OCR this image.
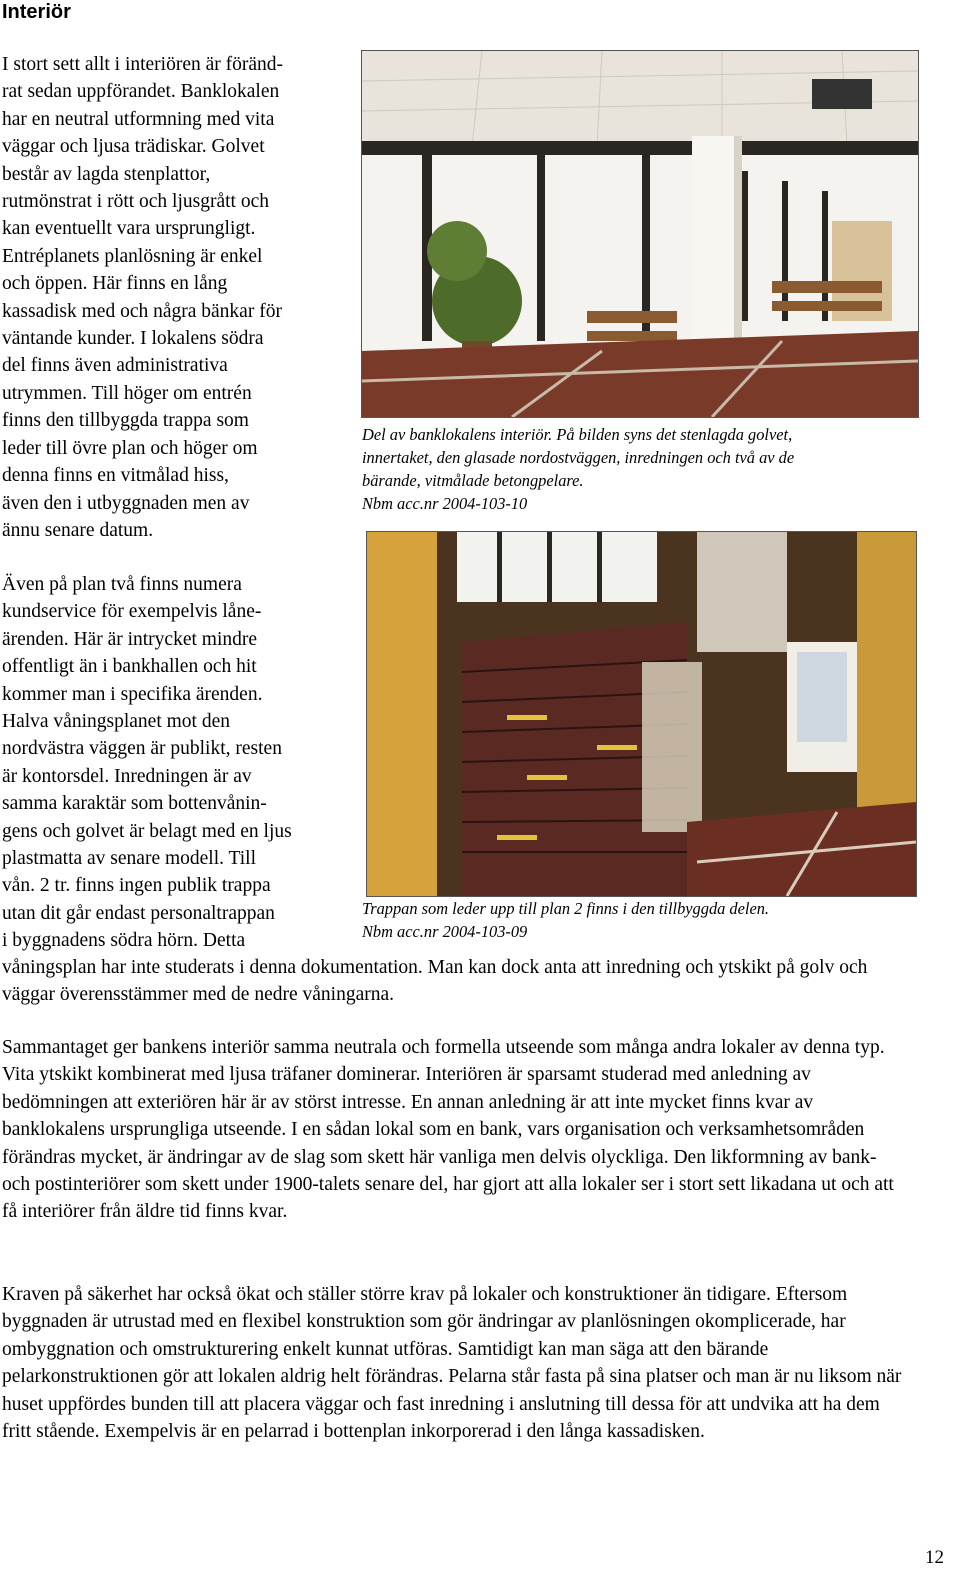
Interiör
I stort sett allt i interiören är föränd-
rat sedan uppförandet. Banklokalen
har en neutral utformning med vita
väggar och ljusa trädiskar. Golvet
består av lagda stenplattor,
rutmönstrat i rött och ljusgrått och
kan eventuellt vara ursprungligt.
Entréplanets planlösning är enkel
och öppen. Här finns en lång
kassadisk med och några bänkar för
väntande kunder. I lokalens södra
del finns även administrativa
utrymmen. Till höger om entrén
finns den tillbyggda trappa som
leder till övre plan och höger om
denna finns en vitmålad hiss,
även den i utbyggnaden men av
ännu senare datum.

Del av banklokalens interiör. På bilden syns det stenlagda golvet,
innertaket, den glasade nordostväggen, inredningen och två av de
bärande, vitmålade betongpelare.
Nbm acc.nr 2004-103-10

Trappan som leder upp till plan 2 finns i den tillbyggda delen.
Nbm acc.nr 2004-103-09

Även på plan två finns numera
kundservice för exempelvis låne-
ärenden. Här är intrycket mindre
offentligt än i bankhallen och hit
kommer man i specifika ärenden.
Halva våningsplanet mot den
nordvästra väggen är publikt, resten
är kontorsdel. Inredningen är av
samma karaktär som bottenvånin-
gens och golvet är belagt med en ljus
plastmatta av senare modell. Till
vån. 2 tr. finns ingen publik trappa
utan dit går endast personaltrappan
i byggnadens södra hörn. Detta

våningsplan har inte studerats i denna dokumentation. Man kan dock anta att inredning och ytskikt på golv och väggar överensstämmer med de nedre våningarna.

Sammantaget ger bankens interiör samma neutrala och formella utseende som många andra lokaler av denna typ. Vita ytskikt kombinerat med ljusa träfaner dominerar. Interiören är sparsamt studerad med anledning av bedömningen att exteriören här är av störst intresse. En annan anledning är att inte mycket finns kvar av banklokalens ursprungliga utseende. I en sådan lokal som en bank, vars organisation och verksamhetsområden förändras mycket, är ändringar av de slag som skett här vanliga men delvis olyckliga. Den likformning av bank- och postinteriörer som skett under 1900-talets senare del, har gjort att alla lokaler ser i stort sett likadana ut och att få interiörer från äldre tid finns kvar.

Kraven på säkerhet har också ökat och ställer större krav på lokaler och konstruktioner än tidigare. Eftersom byggnaden är utrustad med en flexibel konstruktion som gör ändringar av planlösningen okomplicerade, har ombyggnation och omstrukturering enkelt kunnat utföras. Samtidigt kan man säga att den bärande pelarkonstruktionen gör att lokalen aldrig helt förändras. Pelarna står fasta på sina platser och man är nu liksom när huset uppfördes bunden till att placera väggar och fast inredning i anslutning till dessa för att undvika att ha dem fritt stående. Exempelvis är en pelarrad i bottenplan inkorporerad i den långa kassadisken.

12
